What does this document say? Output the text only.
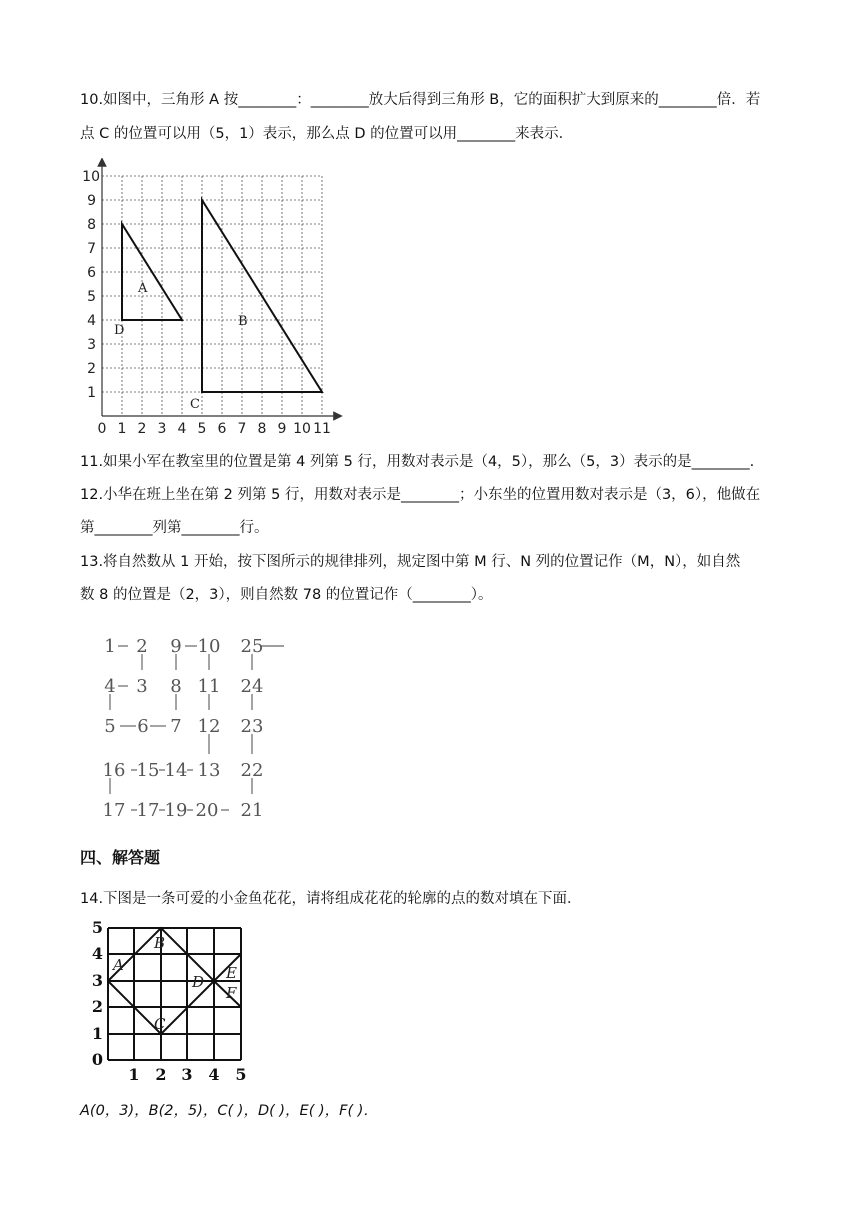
10.如图中，三角形 A 按________：________放大后得到三角形 B，它的面积扩大到原来的________倍．若
点 C 的位置可以用（5，1）表示，那么点 D 的位置可以用________来表示．
0 1 2 3 4 5 6 7 8 9 10 11
1
2
3
4
5
6
7
8
9
10
A
B
C
D
11.如果小军在教室里的位置是第 4 列第 5 行，用数对表示是（4，5），那么（5，3）表示的是________.
12.小华在班上坐在第 2 列第 5 行，用数对表示是________；小东坐的位置用数对表示是（3，6），他做在
第________列第________行。
13.将自然数从 1 开始，按下图所示的规律排列，规定图中第 M 行、N 列的位置记作（M，N），如自然
数 8 的位置是（2，3），则自然数 78 的位置记作（________）。
1 2 9 10 25
4 3 8 11 24
5 6 7 12 23
16 15 14 13 22
17 17 19 20 21
四、解答题
14.下图是一条可爱的小金鱼花花，请将组成花花的轮廓的点的数对填在下面．
A
B
C
D E
F
0
1
2
3
4
5
1 2 3 4 5
A(0，3)，B(2，5)，C( )，D( )，E( )，F( )．
